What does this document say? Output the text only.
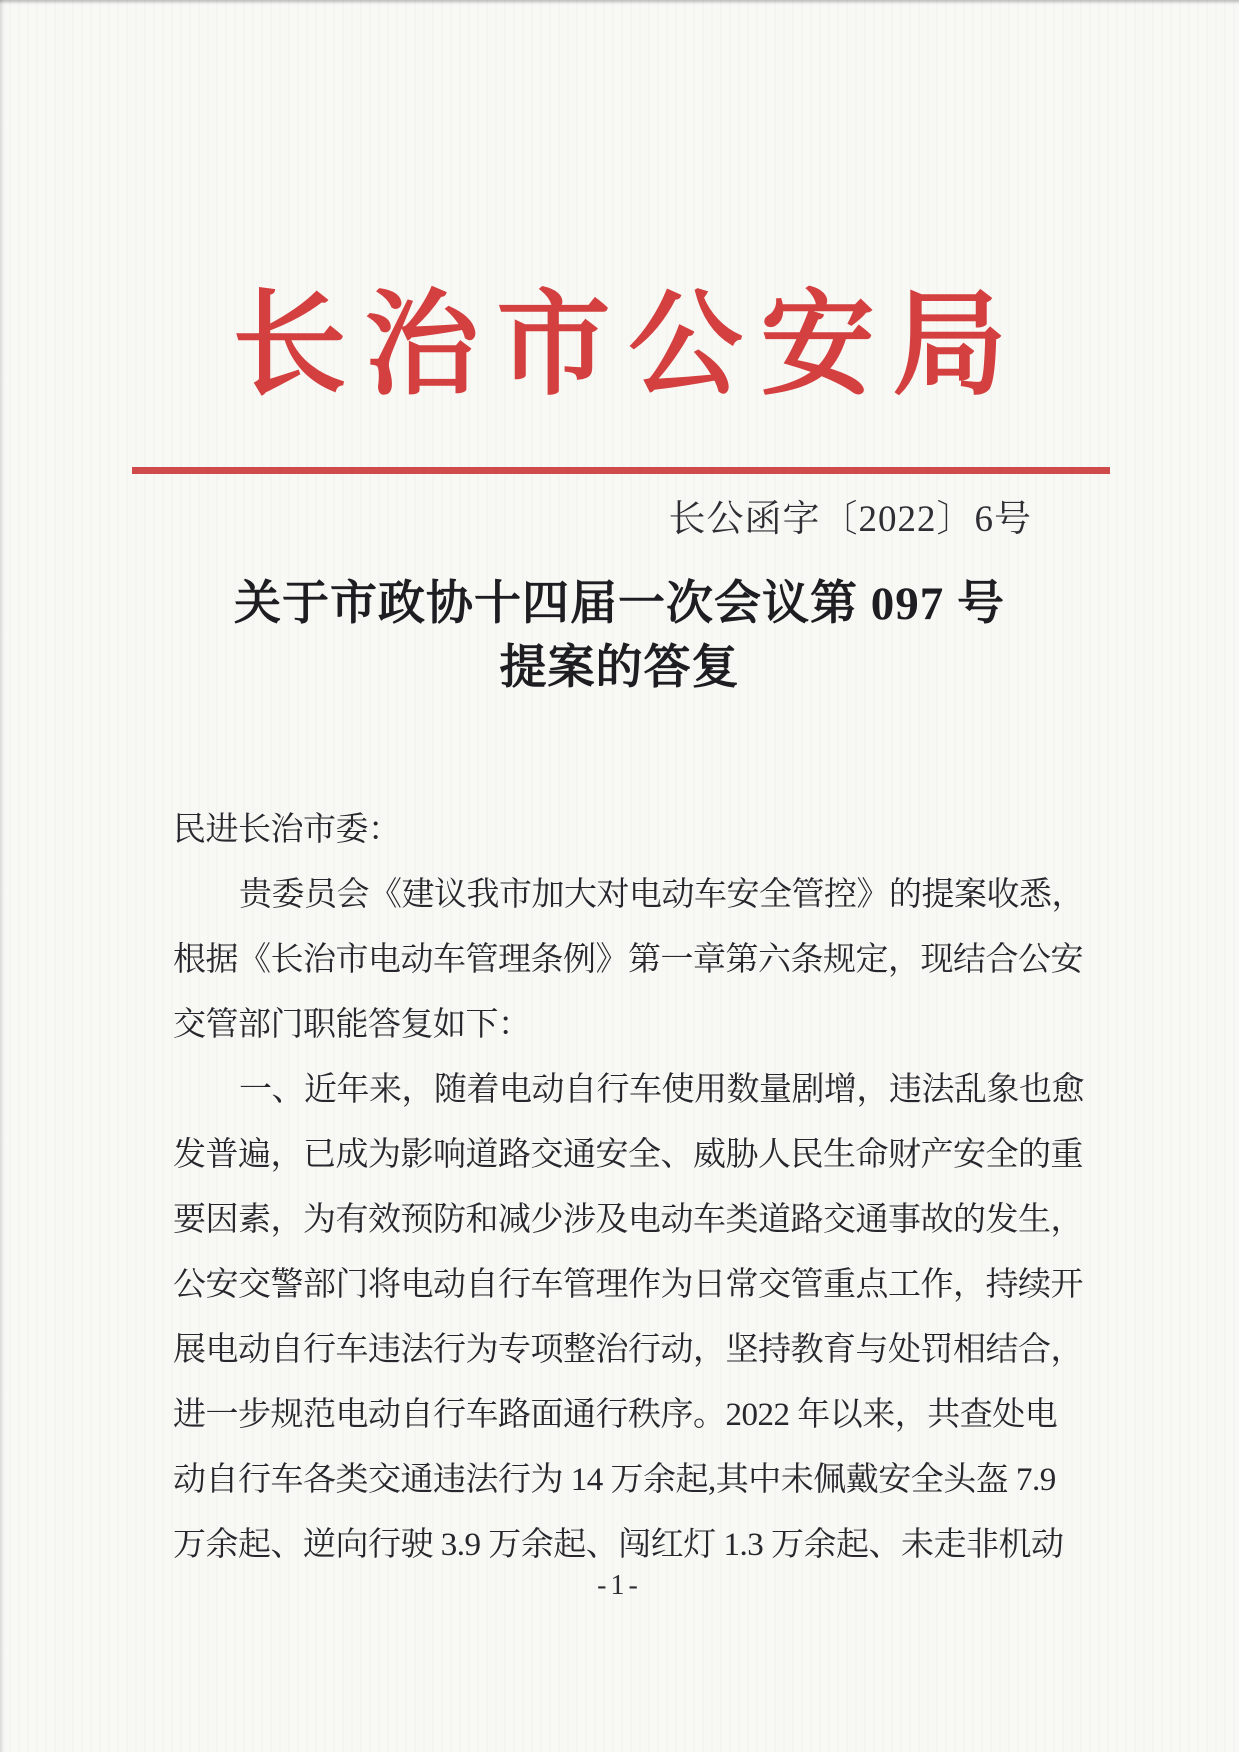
长治市公安局
长公函字〔2022〕6号
关于市政协十四届一次会议第 097 号
提案的答复
民进长治市委：
贵委员会《建议我市加大对电动车安全管控》的提案收悉，
根据《长治市电动车管理条例》第一章第六条规定，现结合公安
交管部门职能答复如下：
一、近年来，随着电动自行车使用数量剧增，违法乱象也愈
发普遍，已成为影响道路交通安全、威胁人民生命财产安全的重
要因素，为有效预防和减少涉及电动车类道路交通事故的发生，
公安交警部门将电动自行车管理作为日常交管重点工作，持续开
展电动自行车违法行为专项整治行动，坚持教育与处罚相结合，
进一步规范电动自行车路面通行秩序。2022 年以来，共查处电
动自行车各类交通违法行为 14 万余起,其中未佩戴安全头盔 7.9
万余起、逆向行驶 3.9 万余起、闯红灯 1.3 万余起、未走非机动
-1-
